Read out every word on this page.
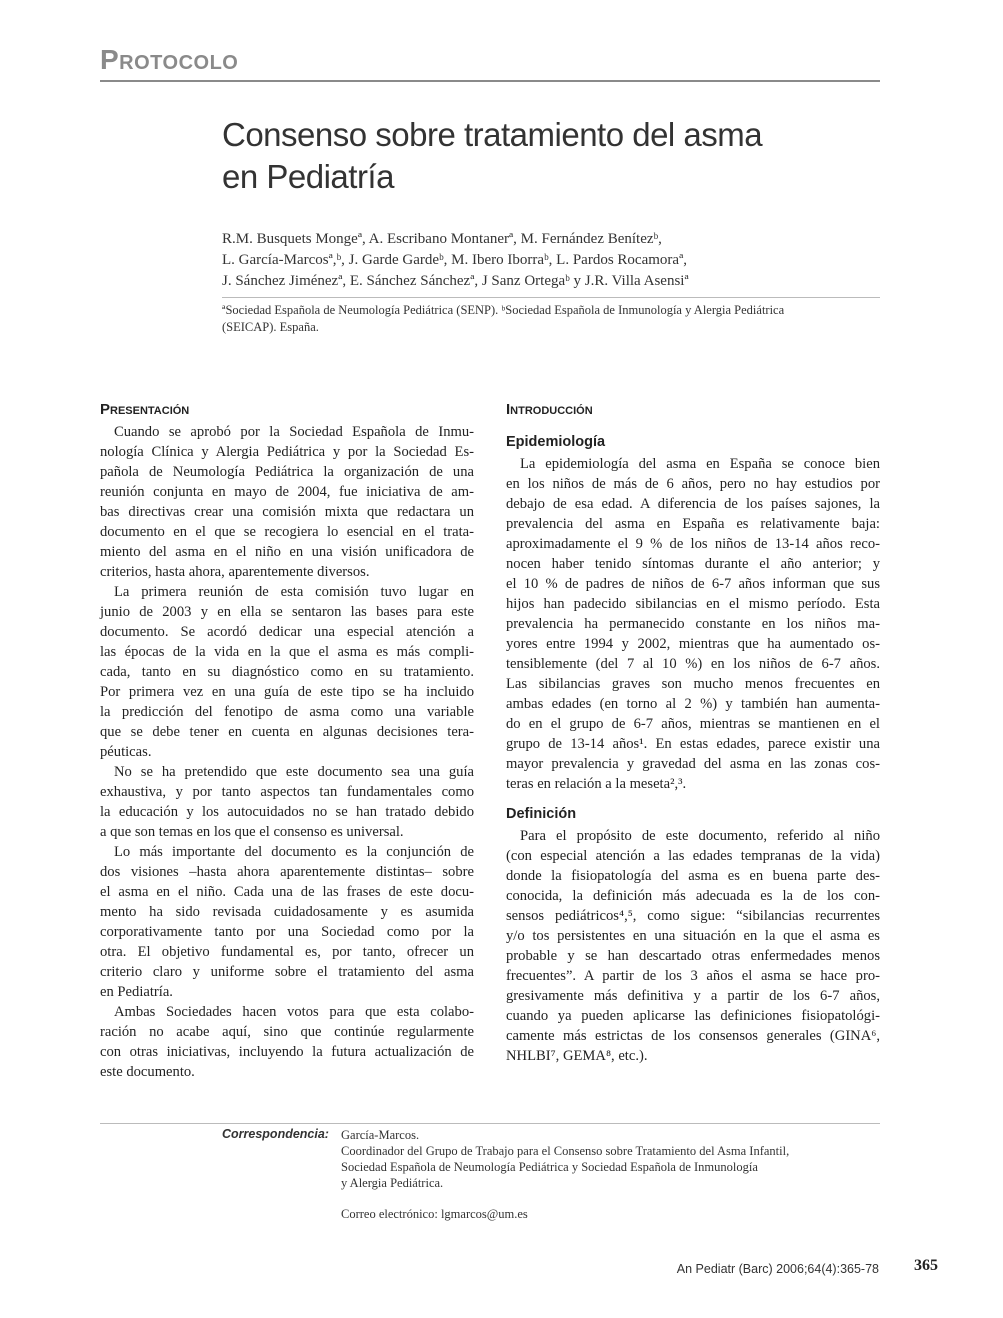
Protocolo
Consenso sobre tratamiento del asma
en Pediatría
R.M. Busquets Mongeª, A. Escribano Montanerª, M. Fernández Benítezᵇ,
L. García-Marcosª,ᵇ, J. Garde Gardeᵇ, M. Ibero Iborraᵇ, L. Pardos Rocamoraª,
J. Sánchez Jiménezª, E. Sánchez Sánchezª, J Sanz Ortegaᵇ y J.R. Villa Asensiª
ªSociedad Española de Neumología Pediátrica (SENP). ᵇSociedad Española de Inmunología y Alergia Pediátrica
(SEICAP). España.
Presentación
Cuando se aprobó por la Sociedad Española de Inmu-
nología Clínica y Alergia Pediátrica y por la Sociedad Es-
pañola de Neumología Pediátrica la organización de una
reunión conjunta en mayo de 2004, fue iniciativa de am-
bas directivas crear una comisión mixta que redactara un
documento en el que se recogiera lo esencial en el trata-
miento del asma en el niño en una visión unificadora de
criterios, hasta ahora, aparentemente diversos.
La primera reunión de esta comisión tuvo lugar en
junio de 2003 y en ella se sentaron las bases para este
documento. Se acordó dedicar una especial atención a
las épocas de la vida en la que el asma es más compli-
cada, tanto en su diagnóstico como en su tratamiento.
Por primera vez en una guía de este tipo se ha incluido
la predicción del fenotipo de asma como una variable
que se debe tener en cuenta en algunas decisiones tera-
péuticas.
No se ha pretendido que este documento sea una guía
exhaustiva, y por tanto aspectos tan fundamentales como
la educación y los autocuidados no se han tratado debido
a que son temas en los que el consenso es universal.
Lo más importante del documento es la conjunción de
dos visiones –hasta ahora aparentemente distintas– sobre
el asma en el niño. Cada una de las frases de este docu-
mento ha sido revisada cuidadosamente y es asumida
corporativamente tanto por una Sociedad como por la
otra. El objetivo fundamental es, por tanto, ofrecer un
criterio claro y uniforme sobre el tratamiento del asma
en Pediatría.
Ambas Sociedades hacen votos para que esta colabo-
ración no acabe aquí, sino que continúe regularmente
con otras iniciativas, incluyendo la futura actualización de
este documento.
Introducción
Epidemiología
La epidemiología del asma en España se conoce bien
en los niños de más de 6 años, pero no hay estudios por
debajo de esa edad. A diferencia de los países sajones, la
prevalencia del asma en España es relativamente baja:
aproximadamente el 9 % de los niños de 13-14 años reco-
nocen haber tenido síntomas durante el año anterior; y
el 10 % de padres de niños de 6-7 años informan que sus
hijos han padecido sibilancias en el mismo período. Esta
prevalencia ha permanecido constante en los niños ma-
yores entre 1994 y 2002, mientras que ha aumentado os-
tensiblemente (del 7 al 10 %) en los niños de 6-7 años.
Las sibilancias graves son mucho menos frecuentes en
ambas edades (en torno al 2 %) y también han aumenta-
do en el grupo de 6-7 años, mientras se mantienen en el
grupo de 13-14 años¹. En estas edades, parece existir una
mayor prevalencia y gravedad del asma en las zonas cos-
teras en relación a la meseta²,³.
Definición
Para el propósito de este documento, referido al niño
(con especial atención a las edades tempranas de la vida)
donde la fisiopatología del asma es en buena parte des-
conocida, la definición más adecuada es la de los con-
sensos pediátricos⁴,⁵, como sigue: “sibilancias recurrentes
y/o tos persistentes en una situación en la que el asma es
probable y se han descartado otras enfermedades menos
frecuentes”. A partir de los 3 años el asma se hace pro-
gresivamente más definitiva y a partir de los 6-7 años,
cuando ya pueden aplicarse las definiciones fisiopatológi-
camente más estrictas de los consensos generales (GINA⁶,
NHLBI⁷, GEMA⁸, etc.).
Correspondencia: García-Marcos.
Coordinador del Grupo de Trabajo para el Consenso sobre Tratamiento del Asma Infantil,
Sociedad Española de Neumología Pediátrica y Sociedad Española de Inmunología
y Alergia Pediátrica.
Correo electrónico: lgmarcos@um.es
An Pediatr (Barc) 2006;64(4):365-78 365
